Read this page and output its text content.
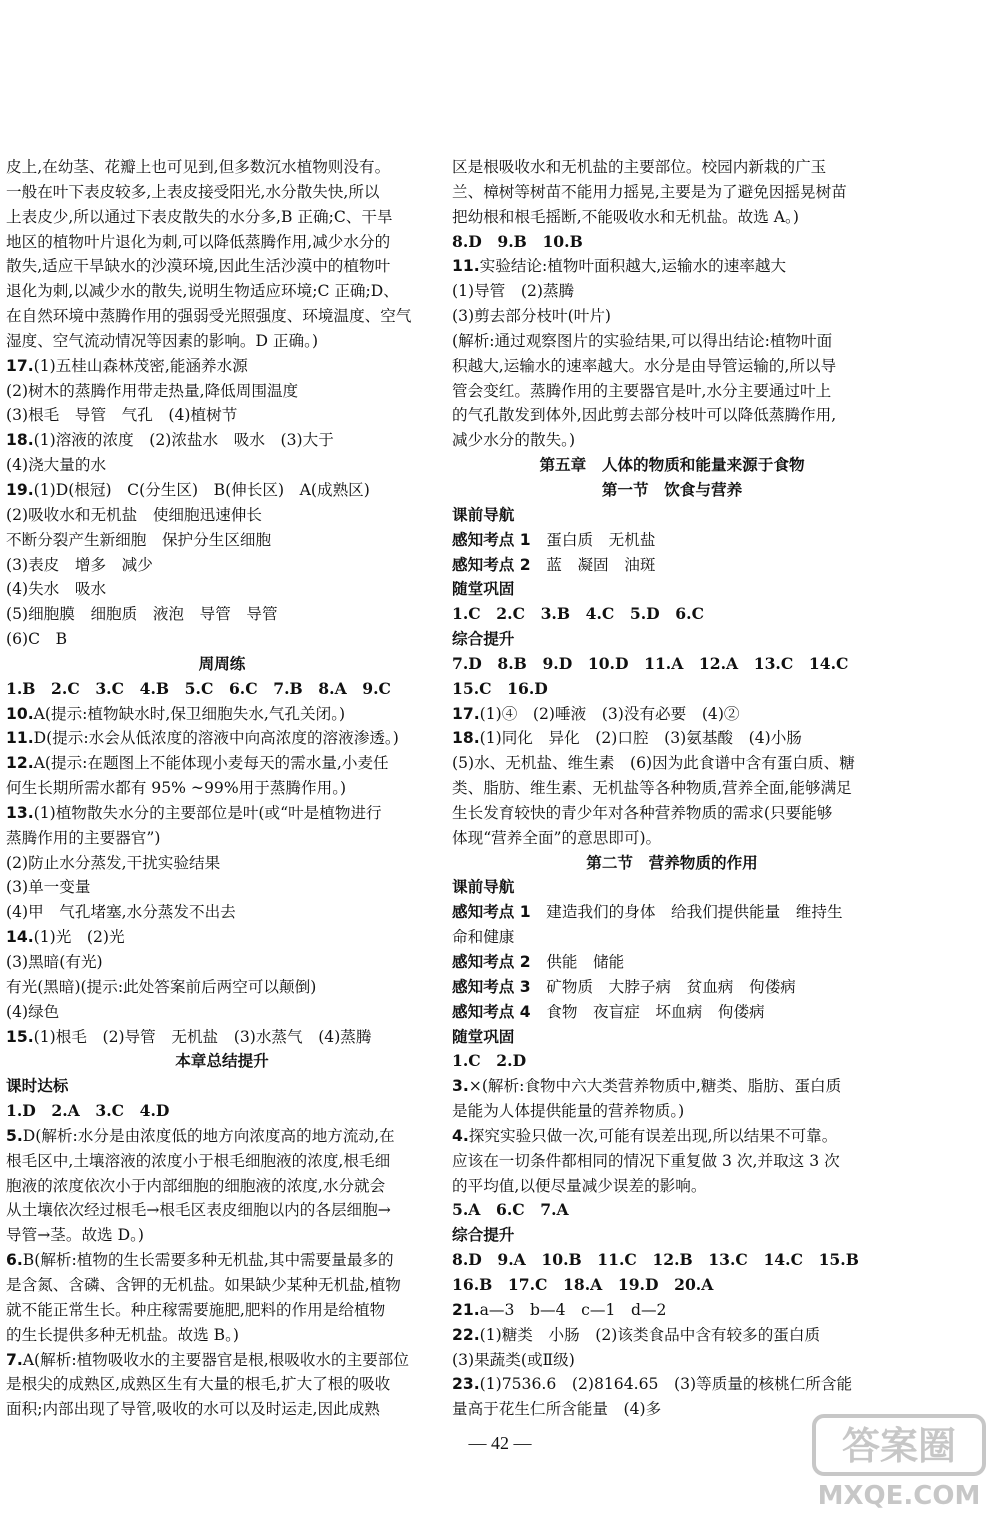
皮上,在幼茎、花瓣上也可见到,但多数沉水植物则没有。
一般在叶下表皮较多,上表皮接受阳光,水分散失快,所以
上表皮少,所以通过下表皮散失的水分多,B 正确;C、干旱
地区的植物叶片退化为刺,可以降低蒸腾作用,减少水分的
散失,适应干旱缺水的沙漠环境,因此生活沙漠中的植物叶
退化为刺,以减少水的散失,说明生物适应环境;C 正确;D、
在自然环境中蒸腾作用的强弱受光照强度、环境温度、空气
湿度、空气流动情况等因素的影响。D 正确。)
17.(1)五桂山森林茂密,能涵养水源
(2)树木的蒸腾作用带走热量,降低周围温度
(3)根毛　导管　气孔　(4)植树节
18.(1)溶液的浓度　(2)浓盐水　吸水　(3)大于
(4)浇大量的水
19.(1)D(根冠)　C(分生区)　B(伸长区)　A(成熟区)
(2)吸收水和无机盐　使细胞迅速伸长
不断分裂产生新细胞　保护分生区细胞
(3)表皮　增多　减少
(4)失水　吸水
(5)细胞膜　细胞质　液泡　导管　导管
(6)C　B
周周练
1.B　2.C　3.C　4.B　5.C　6.C　7.B　8.A　9.C
10.A(提示:植物缺水时,保卫细胞失水,气孔关闭。)
11.D(提示:水会从低浓度的溶液中向高浓度的溶液渗透。)
12.A(提示:在题图上不能体现小麦每天的需水量,小麦任
何生长期所需水都有 95% ~99%用于蒸腾作用。)
13.(1)植物散失水分的主要部位是叶(或“叶是植物进行
蒸腾作用的主要器官”)
(2)防止水分蒸发,干扰实验结果
(3)单一变量
(4)甲　气孔堵塞,水分蒸发不出去
14.(1)光　(2)光
(3)黑暗(有光)
有光(黑暗)(提示:此处答案前后两空可以颠倒)
(4)绿色
15.(1)根毛　(2)导管　无机盐　(3)水蒸气　(4)蒸腾
本章总结提升
课时达标
1.D　2.A　3.C　4.D
5.D(解析:水分是由浓度低的地方向浓度高的地方流动,在
根毛区中,土壤溶液的浓度小于根毛细胞液的浓度,根毛细
胞液的浓度依次小于内部细胞的细胞液的浓度,水分就会
从土壤依次经过根毛→根毛区表皮细胞以内的各层细胞→
导管→茎。故选 D。)
6.B(解析:植物的生长需要多种无机盐,其中需要量最多的
是含氮、含磷、含钾的无机盐。如果缺少某种无机盐,植物
就不能正常生长。种庄稼需要施肥,肥料的作用是给植物
的生长提供多种无机盐。故选 B。)
7.A(解析:植物吸收水的主要器官是根,根吸收水的主要部位
是根尖的成熟区,成熟区生有大量的根毛,扩大了根的吸收
面积;内部出现了导管,吸收的水可以及时运走,因此成熟
区是根吸收水和无机盐的主要部位。校园内新栽的广玉
兰、樟树等树苗不能用力摇晃,主要是为了避免因摇晃树苗
把幼根和根毛摇断,不能吸收水和无机盐。故选 A。)
8.D　9.B　10.B
11.实验结论:植物叶面积越大,运输水的速率越大
(1)导管　(2)蒸腾
(3)剪去部分枝叶(叶片)
(解析:通过观察图片的实验结果,可以得出结论:植物叶面
积越大,运输水的速率越大。水分是由导管运输的,所以导
管会变红。蒸腾作用的主要器官是叶,水分主要通过叶上
的气孔散发到体外,因此剪去部分枝叶可以降低蒸腾作用,
减少水分的散失。)
第五章　人体的物质和能量来源于食物
第一节　饮食与营养
课前导航
感知考点 1　蛋白质　无机盐
感知考点 2　蓝　凝固　油斑
随堂巩固
1.C　2.C　3.B　4.C　5.D　6.C
综合提升
7.D　8.B　9.D　10.D　11.A　12.A　13.C　14.C
15.C　16.D
17.(1)④　(2)唾液　(3)没有必要　(4)②
18.(1)同化　异化　(2)口腔　(3)氨基酸　(4)小肠
(5)水、无机盐、维生素　(6)因为此食谱中含有蛋白质、糖
类、脂肪、维生素、无机盐等各种物质,营养全面,能够满足
生长发育较快的青少年对各种营养物质的需求(只要能够
体现“营养全面”的意思即可)。
第二节　营养物质的作用
课前导航
感知考点 1　建造我们的身体　给我们提供能量　维持生
命和健康
感知考点 2　供能　储能
感知考点 3　矿物质　大脖子病　贫血病　佝偻病
感知考点 4　食物　夜盲症　坏血病　佝偻病
随堂巩固
1.C　2.D
3.×(解析:食物中六大类营养物质中,糖类、脂肪、蛋白质
是能为人体提供能量的营养物质。)
4.探究实验只做一次,可能有误差出现,所以结果不可靠。
应该在一切条件都相同的情况下重复做 3 次,并取这 3 次
的平均值,以便尽量减少误差的影响。
5.A　6.C　7.A
综合提升
8.D　9.A　10.B　11.C　12.B　13.C　14.C　15.B
16.B　17.C　18.A　19.D　20.A
21.a—3　b—4　c—1　d—2
22.(1)糖类　小肠　(2)该类食品中含有较多的蛋白质
(3)果蔬类(或Ⅱ级)
23.(1)7536.6　(2)8164.65　(3)等质量的核桃仁所含能
量高于花生仁所含能量　(4)多
— 42 —	答案圈
MXQE.COM
